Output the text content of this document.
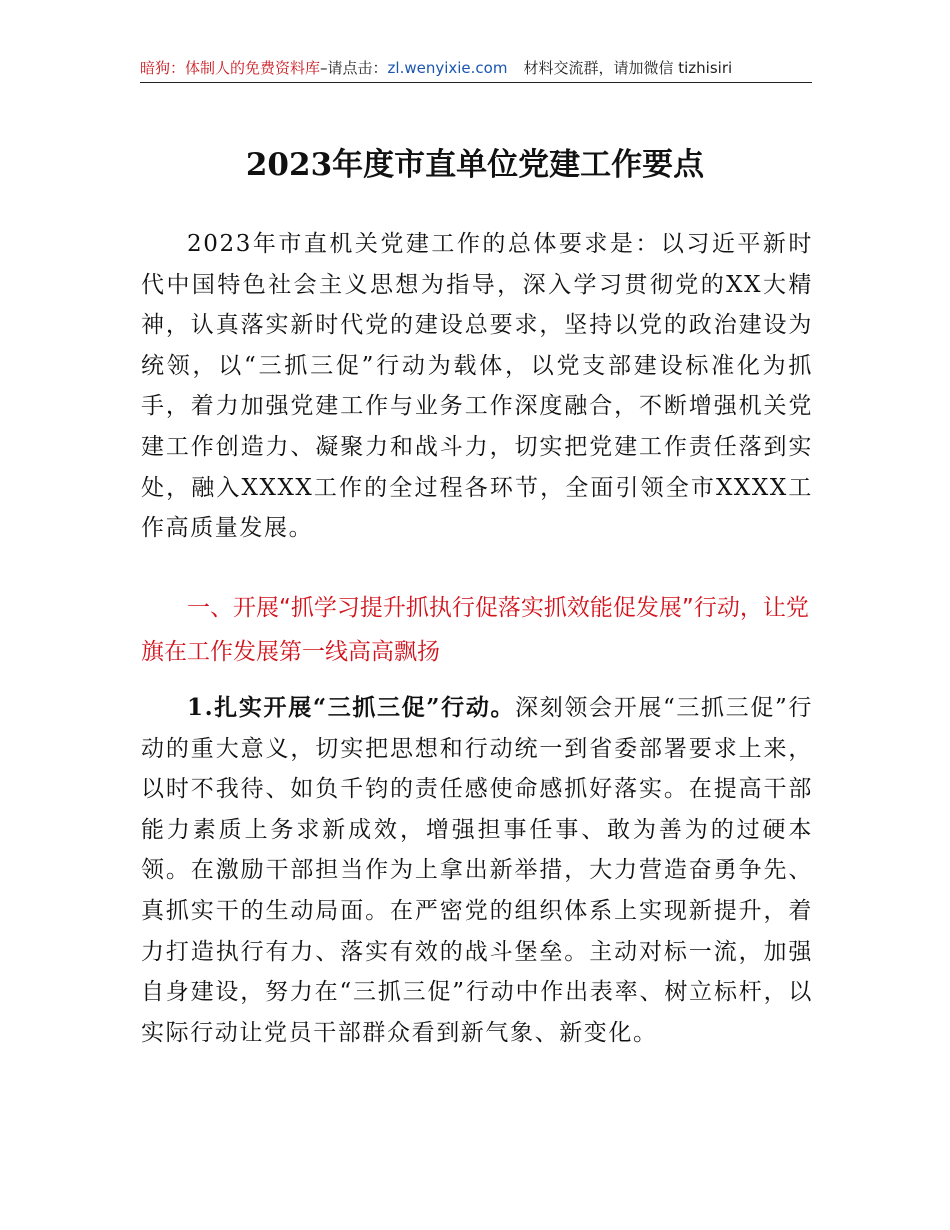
暗狗：体制人的免费资料库–请点击：zl.wenyixie.com 材料交流群，请加微信 tizhisiri
2023年度市直单位党建工作要点

2023年市直机关党建工作的总体要求是：以习近平新时代中国特色社会主义思想为指导，深入学习贯彻党的XX大精神，认真落实新时代党的建设总要求，坚持以党的政治建设为统领，以“三抓三促”行动为载体，以党支部建设标准化为抓手，着力加强党建工作与业务工作深度融合，不断增强机关党建工作创造力、凝聚力和战斗力，切实把党建工作责任落到实处，融入XXXX工作的全过程各环节，全面引领全市XXXX工作高质量发展。

一、开展“抓学习提升抓执行促落实抓效能促发展”行动，让党旗在工作发展第一线高高飘扬

1.扎实开展“三抓三促”行动。深刻领会开展“三抓三促”行动的重大意义，切实把思想和行动统一到省委部署要求上来，以时不我待、如负千钧的责任感使命感抓好落实。在提高干部能力素质上务求新成效，增强担事任事、敢为善为的过硬本领。在激励干部担当作为上拿出新举措，大力营造奋勇争先、真抓实干的生动局面。在严密党的组织体系上实现新提升，着力打造执行有力、落实有效的战斗堡垒。主动对标一流，加强自身建设，努力在“三抓三促”行动中作出表率、树立标杆，以实际行动让党员干部群众看到新气象、新变化。
